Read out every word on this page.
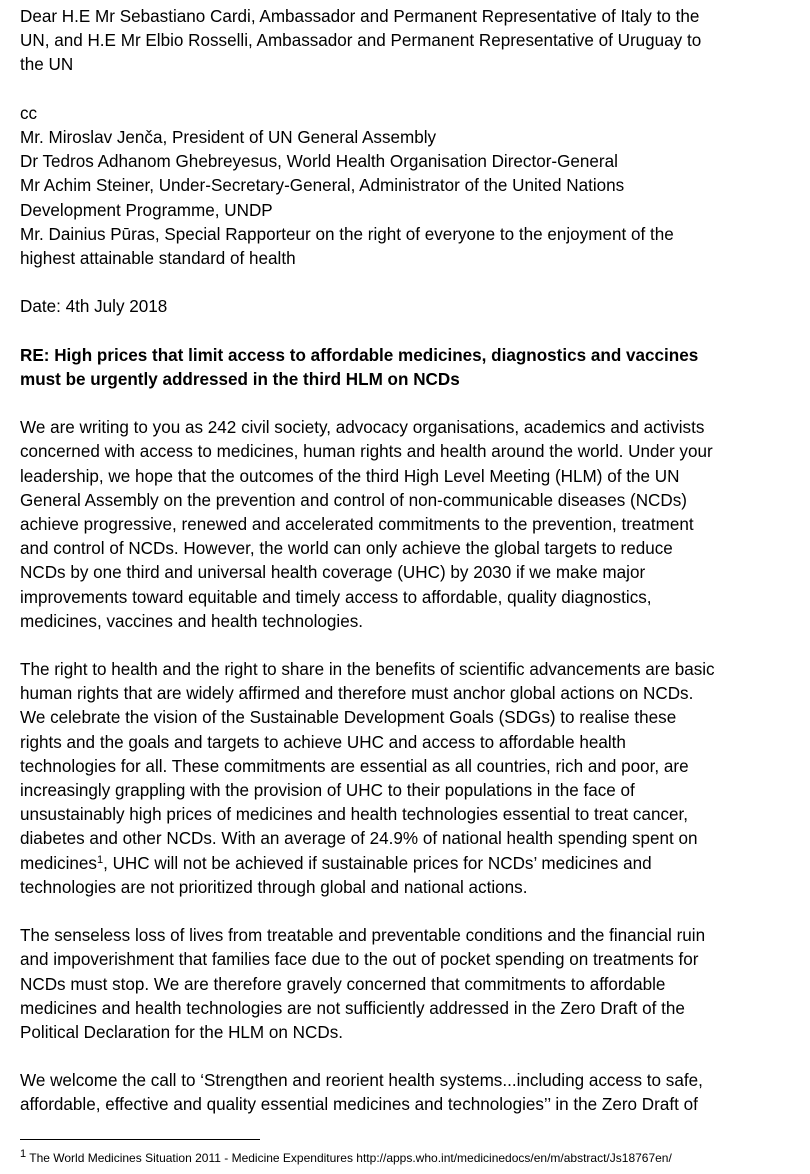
Dear H.E Mr Sebastiano Cardi, Ambassador and Permanent Representative of Italy to the
UN, and H.E Mr Elbio Rosselli, Ambassador and Permanent Representative of Uruguay to
the UN
cc
Mr. Miroslav Jenča, President of UN General Assembly
Dr Tedros Adhanom Ghebreyesus, World Health Organisation Director-General
Mr Achim Steiner, Under-Secretary-General, Administrator of the United Nations
Development Programme, UNDP
Mr. Dainius Pūras, Special Rapporteur on the right of everyone to the enjoyment of the
highest attainable standard of health
Date: 4th July 2018
RE: High prices that limit access to affordable medicines, diagnostics and vaccines
must be urgently addressed in the third HLM on NCDs
We are writing to you as 242 civil society, advocacy organisations, academics and activists
concerned with access to medicines, human rights and health around the world. Under your
leadership, we hope that the outcomes of the third High Level Meeting (HLM) of the UN
General Assembly on the prevention and control of non-communicable diseases (NCDs)
achieve progressive, renewed and accelerated commitments to the prevention, treatment
and control of NCDs. However, the world can only achieve the global targets to reduce
NCDs by one third and universal health coverage (UHC) by 2030 if we make major
improvements toward equitable and timely access to affordable, quality diagnostics,
medicines, vaccines and health technologies.
The right to health and the right to share in the benefits of scientific advancements are basic
human rights that are widely affirmed and therefore must anchor global actions on NCDs.
We celebrate the vision of the Sustainable Development Goals (SDGs) to realise these
rights and the goals and targets to achieve UHC and access to affordable health
technologies for all. These commitments are essential as all countries, rich and poor, are
increasingly grappling with the provision of UHC to their populations in the face of
unsustainably high prices of medicines and health technologies essential to treat cancer,
diabetes and other NCDs. With an average of 24.9% of national health spending spent on
medicines$^1$, UHC will not be achieved if sustainable prices for NCDs’ medicines and
technologies are not prioritized through global and national actions.
The senseless loss of lives from treatable and preventable conditions and the financial ruin
and impoverishment that families face due to the out of pocket spending on treatments for
NCDs must stop. We are therefore gravely concerned that commitments to affordable
medicines and health technologies are not sufficiently addressed in the Zero Draft of the
Political Declaration for the HLM on NCDs.
We welcome the call to ‘Strengthen and reorient health systems...including access to safe,
affordable, effective and quality essential medicines and technologies’’ in the Zero Draft of
$^1$ The World Medicines Situation 2011 - Medicine Expenditures http://apps.who.int/medicinedocs/en/m/abstract/Js18767en/
